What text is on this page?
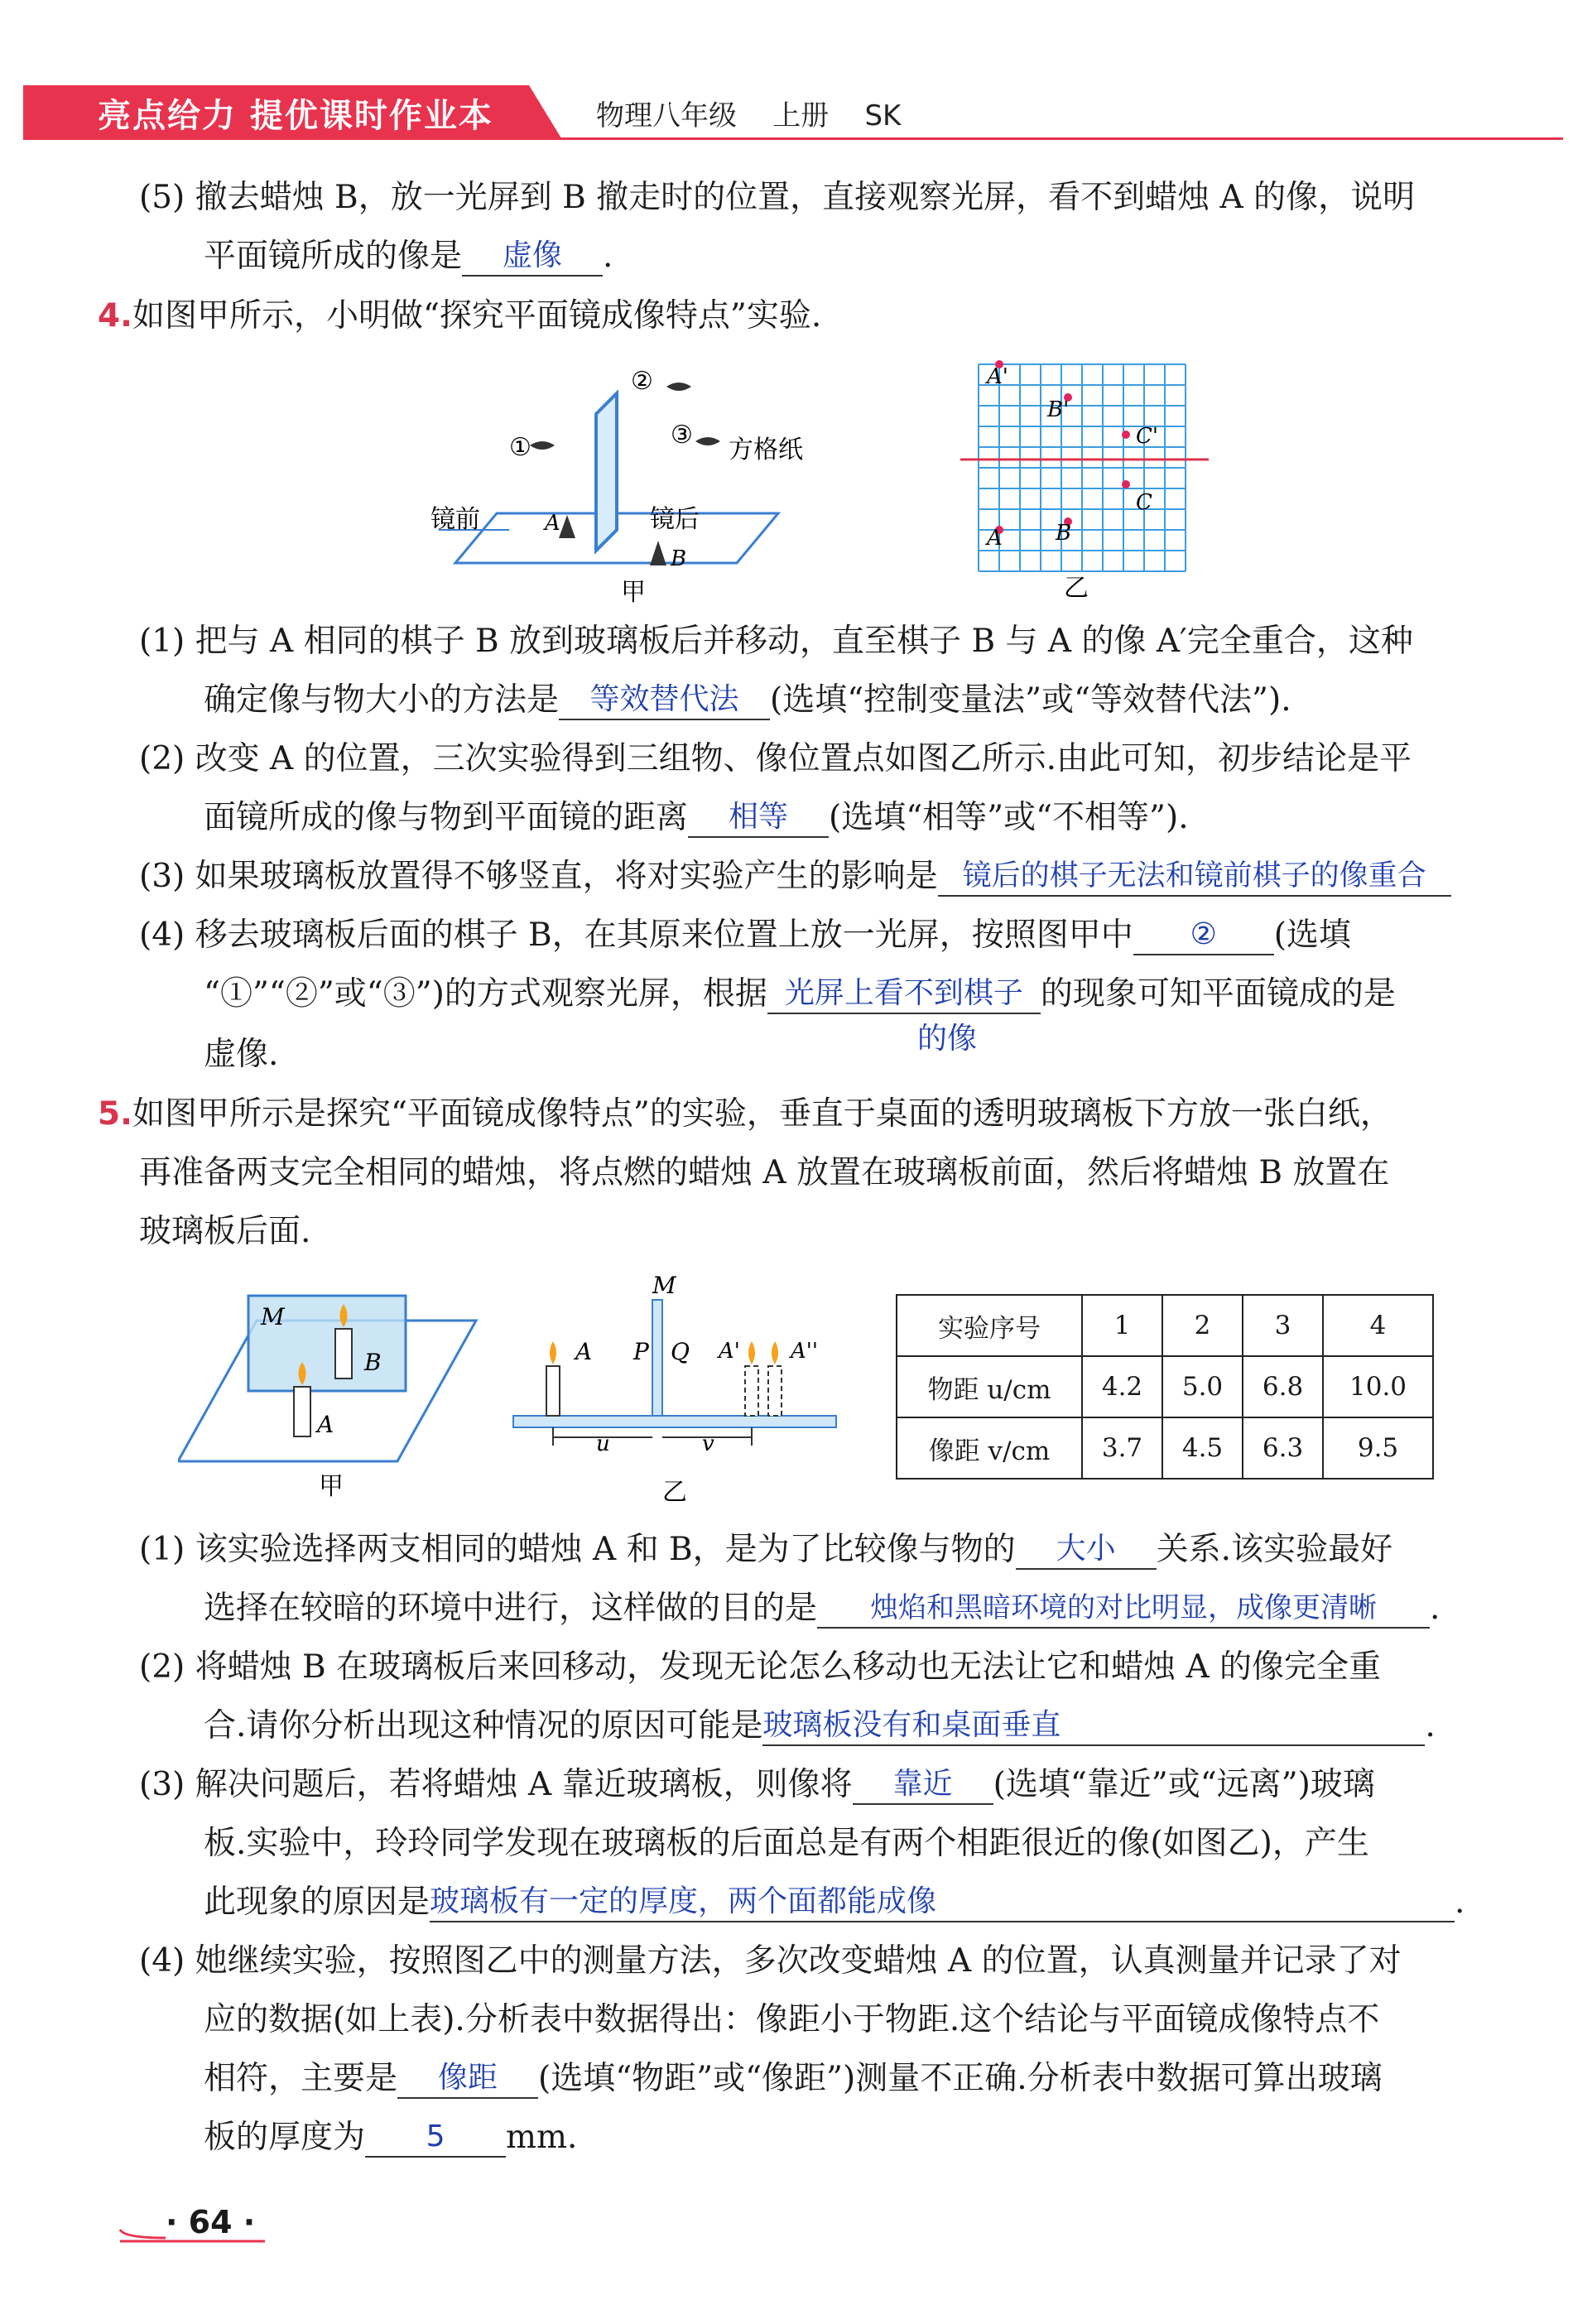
亮点给力 提优课时作业本	物理八年级 上册 SK
(5) 撤去蜡烛 B，放一光屏到 B 撤走时的位置，直接观察光屏，看不到蜡烛 A 的像，说明
平面镜所成的像是 虚像 .
4.如图甲所示，小明做“探究平面镜成像特点”实验.
①
②
③
方格纸
镜前	镜后
A
B
甲
A'
B'
C'
C
A B
乙
(1) 把与 A 相同的棋子 B 放到玻璃板后并移动，直至棋子 B 与 A 的像 A′完全重合，这种
确定像与物大小的方法是 等效替代法 (选填“控制变量法”或“等效替代法”).
(2) 改变 A 的位置，三次实验得到三组物、像位置点如图乙所示.由此可知，初步结论是平
面镜所成的像与物到平面镜的距离 相等 (选填“相等”或“不相等”).
(3) 如果玻璃板放置得不够竖直，将对实验产生的影响是 镜后的棋子无法和镜前棋子的像重合
(4) 移去玻璃板后面的棋子 B，在其原来位置上放一光屏，按照图甲中 ② (选填
“①”“②”或“③”)的方式观察光屏，根据 光屏上看不到棋子 的现象可知平面镜成的是
的像
虚像.
5.如图甲所示是探究“平面镜成像特点”的实验，垂直于桌面的透明玻璃板下方放一张白纸，
再准备两支完全相同的蜡烛，将点燃的蜡烛 A 放置在玻璃板前面，然后将蜡烛 B 放置在
玻璃板后面.
M
B
A
甲
M
A P Q A' A''
u	v
乙
实验序号	1	2	3	4
物距 u/cm	4.2	5.0	6.8	10.0
像距 v/cm	3.7	4.5	6.3	9.5
(1) 该实验选择两支相同的蜡烛 A 和 B，是为了比较像与物的 大小 关系.该实验最好
选择在较暗的环境中进行，这样做的目的是 烛焰和黑暗环境的对比明显，成像更清晰 .
(2) 将蜡烛 B 在玻璃板后来回移动，发现无论怎么移动也无法让它和蜡烛 A 的像完全重
合.请你分析出现这种情况的原因可能是玻璃板没有和桌面垂直	.
(3) 解决问题后，若将蜡烛 A 靠近玻璃板，则像将 靠近 (选填“靠近”或“远离”)玻璃
板.实验中，玲玲同学发现在玻璃板的后面总是有两个相距很近的像(如图乙)，产生
此现象的原因是玻璃板有一定的厚度，两个面都能成像	.
(4) 她继续实验，按照图乙中的测量方法，多次改变蜡烛 A 的位置，认真测量并记录了对
应的数据(如上表).分析表中数据得出：像距小于物距.这个结论与平面镜成像特点不
相符，主要是 像距 (选填“物距”或“像距”)测量不正确.分析表中数据可算出玻璃
板的厚度为 5 mm.
· 64 ·
